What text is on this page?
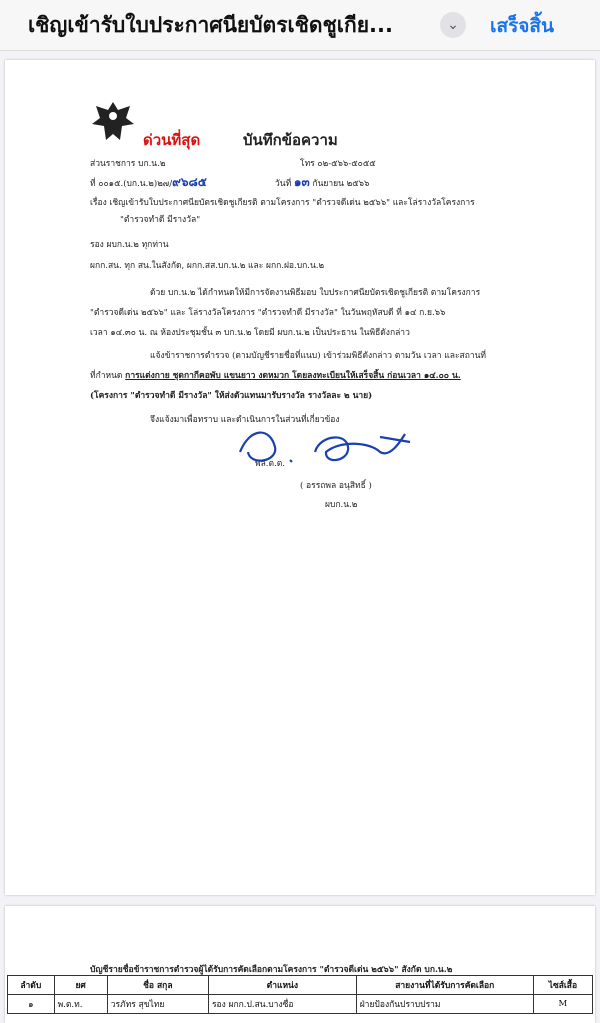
เชิญเข้ารับใบประกาศนียบัตรเชิดชูเกีย...	⌄	เสร็จสิ้น
ด่วนที่สุด	บันทึกข้อความ
ส่วนราชการ บก.น.๒	โทร ๐๒-๕๖๖-๕๐๕๕
ที่ ๐๐๑๕.(บก.น.๒)๒๗/๙๖๘๕	วันที่ ๑๓ กันยายน ๒๕๖๖
เรื่อง เชิญเข้ารับใบประกาศนียบัตรเชิดชูเกียรติ ตามโครงการ "ตำรวจดีเด่น ๒๕๖๖" และโล่รางวัลโครงการ
"ตำรวจทำดี มีรางวัล"
รอง ผบก.น.๒ ทุกท่าน
ผกก.สน. ทุก สน.ในสังกัด, ผกก.สส.บก.น.๒ และ ผกก.ฝอ.บก.น.๒
ด้วย บก.น.๒ ได้กำหนดให้มีการจัดงานพิธีมอบ ใบประกาศนียบัตรเชิดชูเกียรติ ตามโครงการ
"ตำรวจดีเด่น ๒๕๖๖" และ โล่รางวัลโครงการ "ตำรวจทำดี มีรางวัล" ในวันพฤหัสบดี ที่ ๑๔ ก.ย.๖๖
เวลา ๑๔.๓๐ น. ณ ห้องประชุมชั้น ๓ บก.น.๒ โดยมี ผบก.น.๒ เป็นประธาน ในพิธีดังกล่าว
แจ้งข้าราชการตำรวจ (ตามบัญชีรายชื่อที่แนบ) เข้าร่วมพิธีดังกล่าว ตามวัน เวลา และสถานที่
ที่กำหนด การแต่งกาย ชุดกากีคอพับ แขนยาว งดหมวก โดยลงทะเบียนให้เสร็จสิ้น ก่อนเวลา ๑๔.๐๐ น.
(โครงการ "ตำรวจทำดี มีรางวัล" ให้ส่งตัวแทนมารับรางวัล รางวัลละ ๒ นาย)
จึงแจ้งมาเพื่อทราบ และดำเนินการในส่วนที่เกี่ยวข้อง
พล.ต.ต.
( อรรถพล อนุสิทธิ์ )
ผบก.น.๒
บัญชีรายชื่อข้าราชการตำรวจผู้ได้รับการคัดเลือกตามโครงการ "ตำรวจดีเด่น ๒๕๖๖" สังกัด บก.น.๒
ลำดับ	ยศ	ชื่อ สกุล	ตำแหน่ง	สายงานที่ได้รับการคัดเลือก	ไซส์เสื้อ
๑	พ.ต.ท.	วรภัทร สุขไทย	รอง ผกก.ป.สน.บางซื่อ	ฝ่ายป้องกันปราบปราม	M
